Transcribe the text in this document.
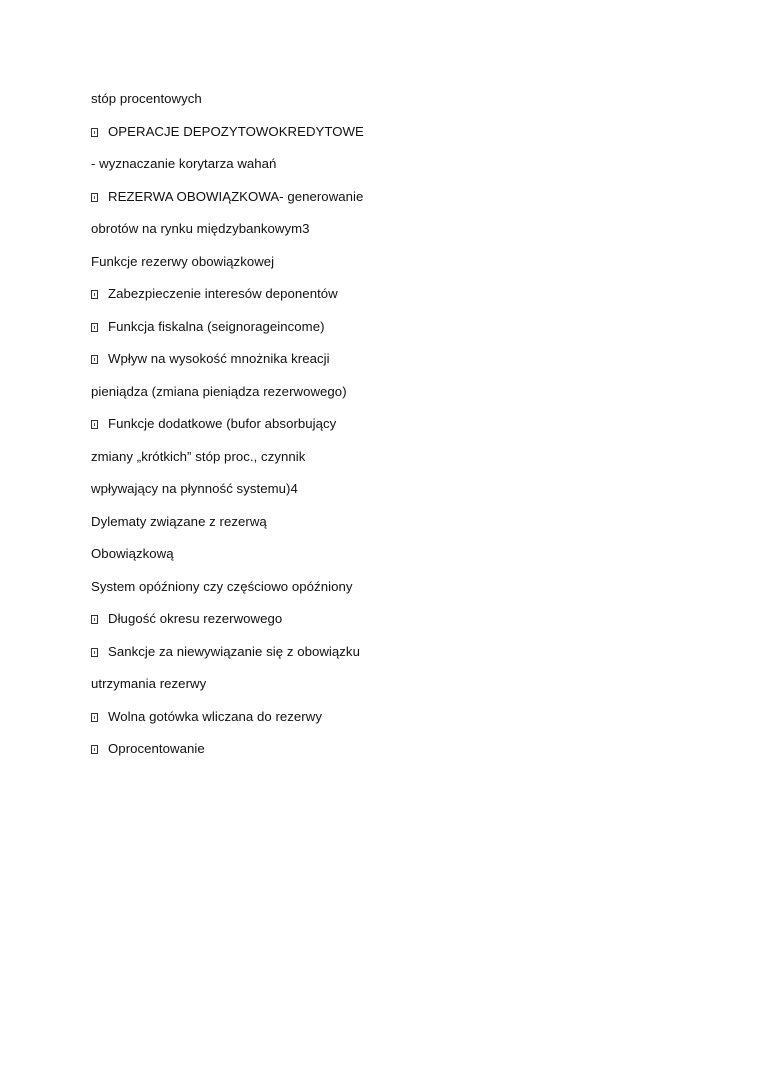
stóp procentowych
OPERACJE DEPOZYTOWOKREDYTOWE
- wyznaczanie korytarza wahań
REZERWA OBOWIĄZKOWA- generowanie
obrotów na rynku międzybankowym3
Funkcje rezerwy obowiązkowej
Zabezpieczenie interesów deponentów
Funkcja fiskalna (seignorageincome)
Wpływ na wysokość mnożnika kreacji
pieniądza (zmiana pieniądza rezerwowego)
Funkcje dodatkowe (bufor absorbujący
zmiany „krótkich” stóp proc., czynnik
wpływający na płynność systemu)4
Dylematy związane z rezerwą
Obowiązkową
System opóźniony czy częściowo opóźniony
Długość okresu rezerwowego
Sankcje za niewywiązanie się z obowiązku
utrzymania rezerwy
Wolna gotówka wliczana do rezerwy
Oprocentowanie
